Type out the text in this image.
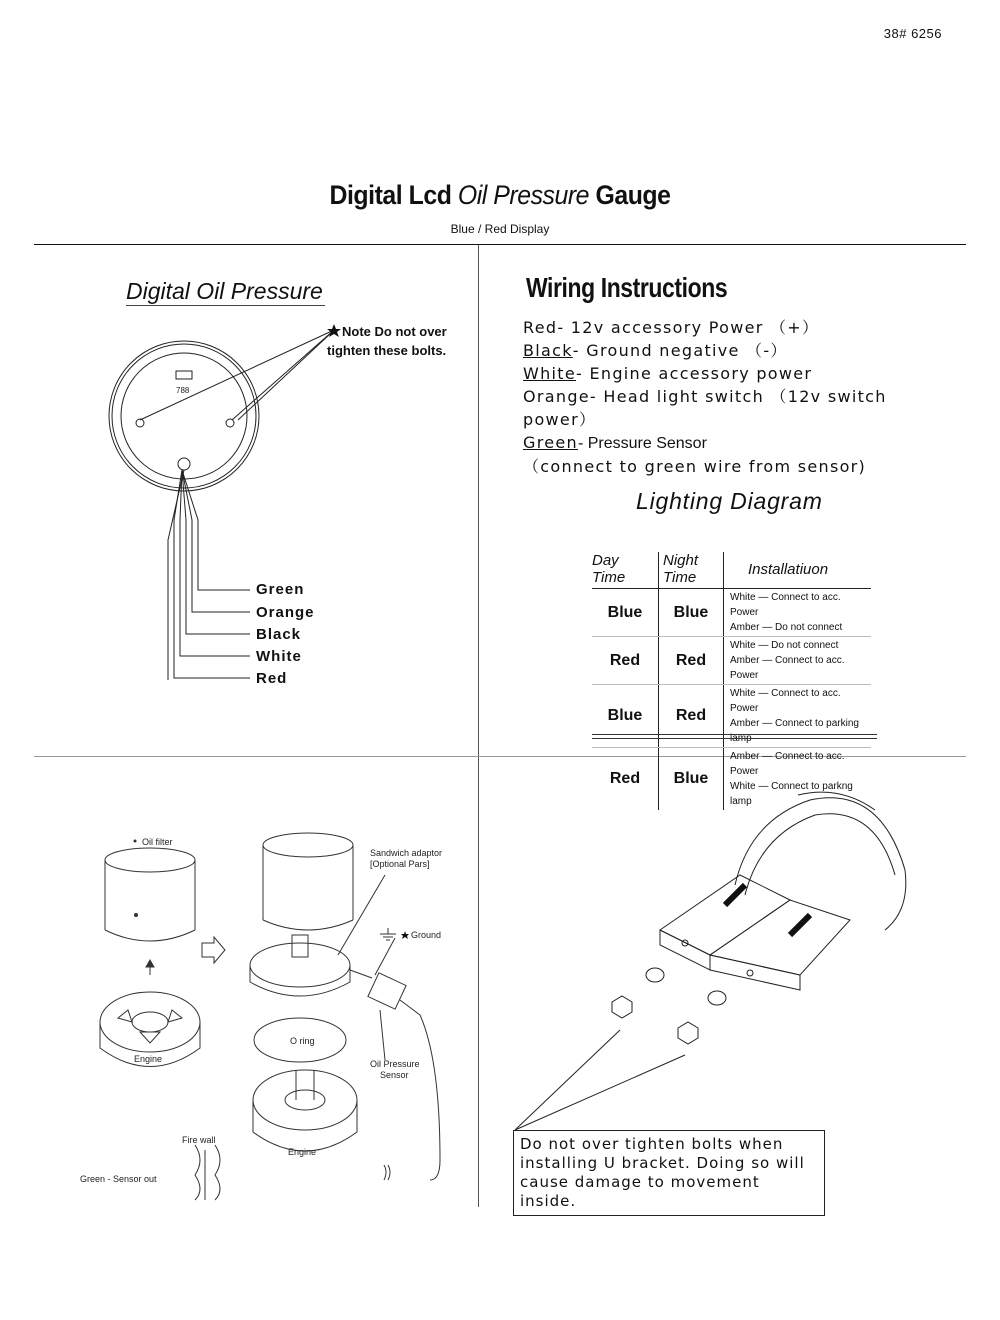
38# 6256
Digital Lcd Oil Pressure Gauge
Blue / Red Display
Digital Oil Pressure
788
Note Do not over
tighten these bolts.
Green
Orange
Black
White
Red
Wiring Instructions
Red- 12v accessory Power （+）
Black- Ground negative （-）
White- Engine accessory power
Orange- Head light switch （12v switch
power）
Green- Pressure Sensor
（connect to green wire from sensor)
Lighting Diagram
Day Time	Night Time	Installatiuon
Blue	Blue	White — Connect to acc. Power
Amber — Do not connect

Red	Red	White — Do not connect
Amber — Connect to acc. Power

Blue	Red	White — Connect to acc. Power
Amber — Connect to parking lamp

Red	Blue	Amber — Connect to acc. Power
White — Connect to parkng lamp
Oil filter
Sandwich adaptor
[Optional Pars]
Ground
Engine
O ring
Oil Pressure
Sensor
Engine
Fire wall
Green - Sensor out
Do not over tighten bolts when
installing U bracket. Doing so will
cause damage to movement inside.
